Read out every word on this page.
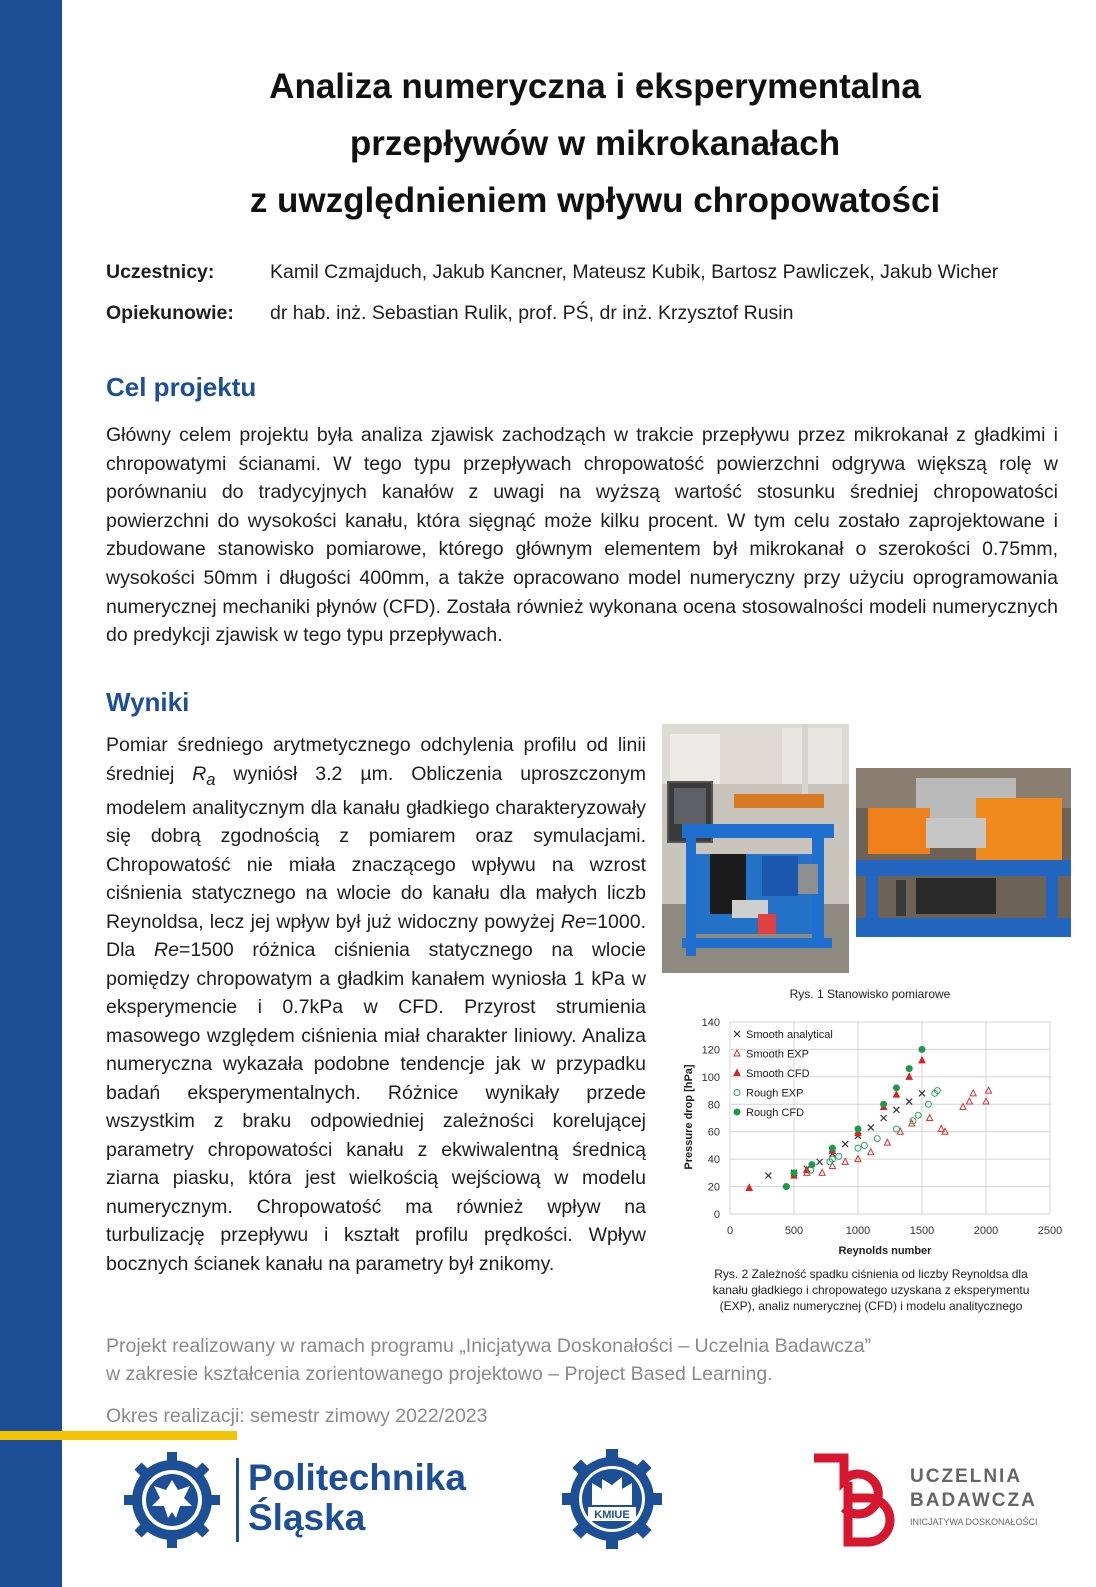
Analiza numeryczna i eksperymentalna
przepływów w mikrokanałach
z uwzględnieniem wpływu chropowatości
Uczestnicy:	Kamil Czmajduch, Jakub Kancner, Mateusz Kubik, Bartosz Pawliczek, Jakub Wicher
Opiekunowie:	dr hab. inż. Sebastian Rulik, prof. PŚ, dr inż. Krzysztof Rusin
Cel projektu

Główny celem projektu była analiza zjawisk zachodząch w trakcie przepływu przez mikrokanał z gładkimi i chropowatymi ścianami. W tego typu przepływach chropowatość powierzchni odgrywa większą rolę w porównaniu do tradycyjnych kanałów z uwagi na wyższą wartość stosunku średniej chropowatości powierzchni do wysokości kanału, która sięgnąć może kilku procent. W tym celu zostało zaprojektowane i zbudowane stanowisko pomiarowe, którego głównym elementem był mikrokanał o szerokości 0.75mm, wysokości 50mm i długości 400mm, a także opracowano model numeryczny przy użyciu oprogramowania numerycznej mechaniki płynów (CFD). Została również wykonana ocena stosowalności modeli numerycznych do predykcji zjawisk w tego typu przepływach.

Wyniki

Pomiar średniego arytmetycznego odchylenia profilu od linii średniej $R_a$ wyniósł 3.2 µm. Obliczenia uproszczonym modelem analitycznym dla kanału gładkiego charakteryzowały się dobrą zgodnością z pomiarem oraz symulacjami. Chropowatość nie miała znaczącego wpływu na wzrost ciśnienia statycznego na wlocie do kanału dla małych liczb Reynoldsa, lecz jej wpływ był już widoczny powyżej Re=1000. Dla Re=1500 różnica ciśnienia statycznego na wlocie pomiędzy chropowatym a gładkim kanałem wyniosła 1 kPa w eksperymencie i 0.7kPa w CFD. Przyrost strumienia masowego względem ciśnienia miał charakter liniowy. Analiza numeryczna wykazała podobne tendencje jak w przypadku badań eksperymentalnych. Różnice wynikały przede wszystkim z braku odpowiedniej zależności korelującej parametry chropowatości kanału z ekwiwalentną średnicą ziarna piasku, która jest wielkością wejściową w modelu numerycznym. Chropowatość ma również wpływ na turbulizację przepływu i kształt profilu prędkości. Wpływ bocznych ścianek kanału na parametry był znikomy.

Rys. 1 Stanowisko pomiarowe
0
20
40
60
80
100
120
140
0	500	1000	1500	2000	2500
Smooth analytical
Smooth EXP
Smooth CFD
Rough EXP
Rough CFD
Reynolds number
Pressure drop [hPa]
Rys. 2 Zależność spadku ciśnienia od liczby Reynoldsa dla kanału gładkiego i chropowatego uzyskana z eksperymentu (EXP), analiz numerycznej (CFD) i modelu analitycznego
Projekt realizowany w ramach programu „Inicjatywa Doskonałości – Uczelnia Badawcza”
w zakresie kształcenia zorientowanego projektowo – Project Based Learning.
Okres realizacji: semestr zimowy 2022/2023
Politechnika
Śląska	KMIUE
UCZELNIA
BADAWCZA
INICJATYWA DOSKONAŁOŚCI
